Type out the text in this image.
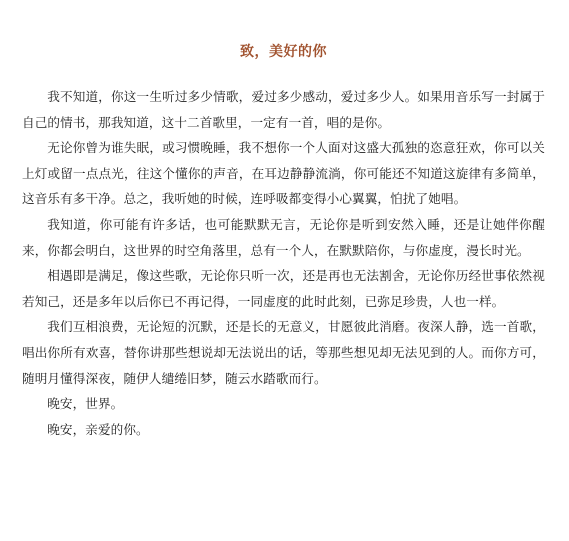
致，美好的你

我不知道，你这一生听过多少情歌，爱过多少感动，爱过多少人。如果用音乐写一封属于自己的情书，那我知道，这十二首歌里，一定有一首，唱的是你。

无论你曾为谁失眠，或习惯晚睡，我不想你一个人面对这盛大孤独的恣意狂欢，你可以关上灯或留一点点光，往这个懂你的声音，在耳边静静流淌，你可能还不知道这旋律有多简单，这音乐有多干净。总之，我听她的时候，连呼吸都变得小心翼翼，怕扰了她唱。

我知道，你可能有许多话，也可能默默无言，无论你是听到安然入睡，还是让她伴你醒来，你都会明白，这世界的时空角落里，总有一个人，在默默陪你，与你虚度，漫长时光。

相遇即是满足，像这些歌，无论你只听一次，还是再也无法割舍，无论你历经世事依然视若知己，还是多年以后你已不再记得，一同虚度的此时此刻，已弥足珍贵，人也一样。

我们互相浪费，无论短的沉默，还是长的无意义，甘愿彼此消磨。夜深人静，选一首歌，唱出你所有欢喜，替你讲那些想说却无法说出的话，等那些想见却无法见到的人。而你方可，随明月懂得深夜，随伊人缱绻旧梦，随云水踏歌而行。

晚安，世界。

晚安，亲爱的你。
